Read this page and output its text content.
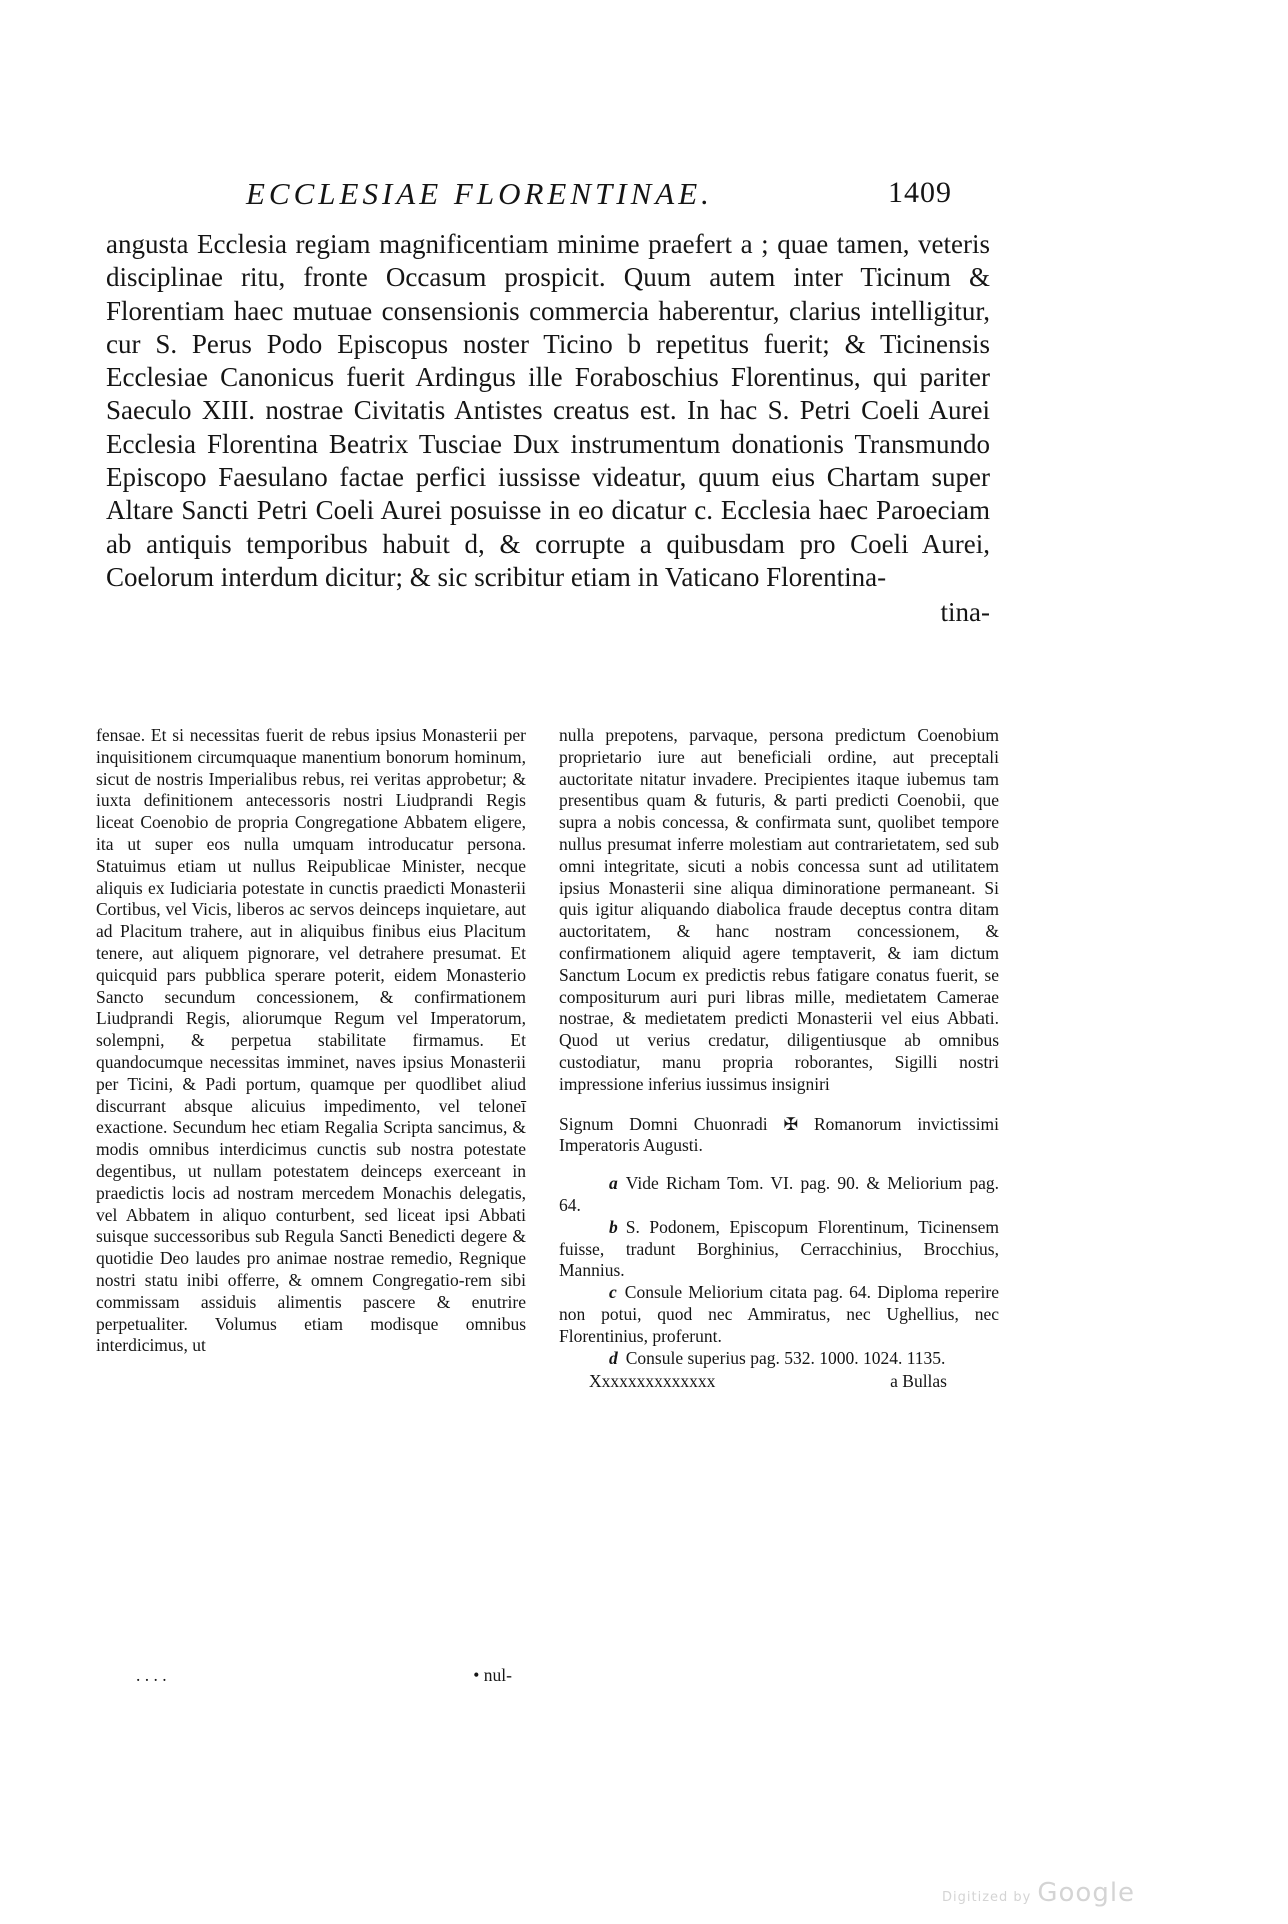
ECCLESIAE FLORENTINAE.	1409

angusta Ecclesia regiam magnificentiam minime praefert a ; quae tamen, veteris disciplinae ritu, fronte Occasum prospicit. Quum autem inter Ticinum & Florentiam haec mutuae consensionis commercia haberentur, clarius intelligitur, cur S. Perus Podo Episcopus noster Ticino b repetitus fuerit; & Ticinensis Ecclesiae Canonicus fuerit Ardingus ille Foraboschius Florentinus, qui pariter Saeculo XIII. nostrae Civitatis Antistes creatus est. In hac S. Petri Coeli Aurei Ecclesia Florentina Beatrix Tusciae Dux instrumentum donationis Transmundo Episcopo Faesulano factae perfici iussisse videatur, quum eius Chartam super Altare Sancti Petri Coeli Aurei posuisse in eo dicatur c. Ecclesia haec Paroeciam ab antiquis temporibus habuit d, & corrupte a quibusdam pro Coeli Aurei, Coelorum interdum dicitur; & sic scribitur etiam in Vaticano Florentina-

tina-

fensae. Et si necessitas fuerit de rebus ipsius Monasterii per inquisitionem circumquaque manentium bonorum hominum, sicut de nostris Imperialibus rebus, rei veritas approbetur; & iuxta definitionem antecessoris nostri Liudprandi Regis liceat Coenobio de propria Congregatione Abbatem eligere, ita ut super eos nulla umquam introducatur persona. Statuimus etiam ut nullus Reipublicae Minister, necque aliquis ex Iudiciaria potestate in cunctis praedicti Monasterii Cortibus, vel Vicis, liberos ac servos deinceps inquietare, aut ad Placitum trahere, aut in aliquibus finibus eius Placitum tenere, aut aliquem pignorare, vel detrahere presumat. Et quicquid pars pubblica sperare poterit, eidem Monasterio Sancto secundum concessionem, & confirmationem Liudprandi Regis, aliorumque Regum vel Imperatorum, solempni, & perpetua stabilitate firmamus. Et quandocumque necessitas imminet, naves ipsius Monasterii per Ticini, & Padi portum, quamque per quodlibet aliud discurrant absque alicuius impedimento, vel teloneī exactione. Secundum hec etiam Regalia Scripta sancimus, & modis omnibus interdicimus cunctis sub nostra potestate degentibus, ut nullam potestatem deinceps exerceant in praedictis locis ad nostram mercedem Monachis delegatis, vel Abbatem in aliquo conturbent, sed liceat ipsi Abbati suisque successoribus sub Regula Sancti Benedicti degere & quotidie Deo laudes pro animae nostrae remedio, Regnique nostri statu inibi offerre, & omnem Congregatio-rem sibi commissam assiduis alimentis pascere & enutrire perpetualiter. Volumus etiam modisque omnibus interdicimus, ut

. . . .	• nul-

nulla prepotens, parvaque, persona predictum Coenobium proprietario iure aut beneficiali ordine, aut preceptali auctoritate nitatur invadere. Precipientes itaque iubemus tam presentibus quam & futuris, & parti predicti Coenobii, que supra a nobis concessa, & confirmata sunt, quolibet tempore nullus presumat inferre molestiam aut contrarietatem, sed sub omni integritate, sicuti a nobis concessa sunt ad utilitatem ipsius Monasterii sine aliqua diminoratione permaneant. Si quis igitur aliquando diabolica fraude deceptus contra ditam auctoritatem, & hanc nostram concessionem, & confirmationem aliquid agere temptaverit, & iam dictum Sanctum Locum ex predictis rebus fatigare conatus fuerit, se compositurum auri puri libras mille, medietatem Camerae nostrae, & medietatem predicti Monasterii vel eius Abbati. Quod ut verius credatur, diligentiusque ab omnibus custodiatur, manu propria roborantes, Sigilli nostri impressione inferius iussimus insigniri

Signum Domni Chuonradi ✠ Romanorum invictissimi Imperatoris Augusti.

a Vide Richam Tom. VI. pag. 90. & Meliorium pag. 64.

b S. Podonem, Episcopum Florentinum, Ticinensem fuisse, tradunt Borghinius, Cerracchinius, Brocchius, Mannius.

c Consule Meliorium citata pag. 64. Diploma reperire non potui, quod nec Ammiratus, nec Ughellius, nec Florentinius, proferunt.

d Consule superius pag. 532. 1000. 1024. 1135.

Xxxxxxxxxxxxxx	a Bullas
Digitized by Google
